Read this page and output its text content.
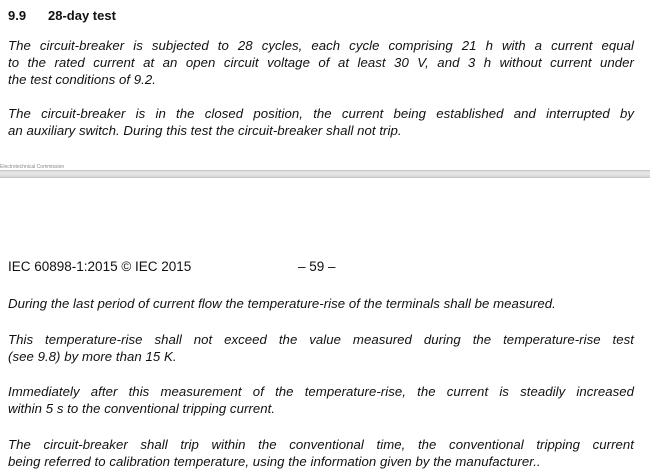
9.9 28-day test
The circuit-breaker is subjected to 28 cycles, each cycle comprising 21 h with a current equal
to the rated current at an open circuit voltage of at least 30 V, and 3 h without current under
the test conditions of 9.2.
The circuit-breaker is in the closed position, the current being established and interrupted by
an auxiliary switch. During this test the circuit-breaker shall not trip.
Electrotechnical Commission
IEC 60898-1:2015 © IEC 2015	– 59 –
During the last period of current flow the temperature-rise of the terminals shall be measured.
This temperature-rise shall not exceed the value measured during the temperature-rise test
(see 9.8) by more than 15 K.
Immediately after this measurement of the temperature-rise, the current is steadily increased
within 5 s to the conventional tripping current.
The circuit-breaker shall trip within the conventional time, the conventional tripping current
being referred to calibration temperature, using the information given by the manufacturer..
